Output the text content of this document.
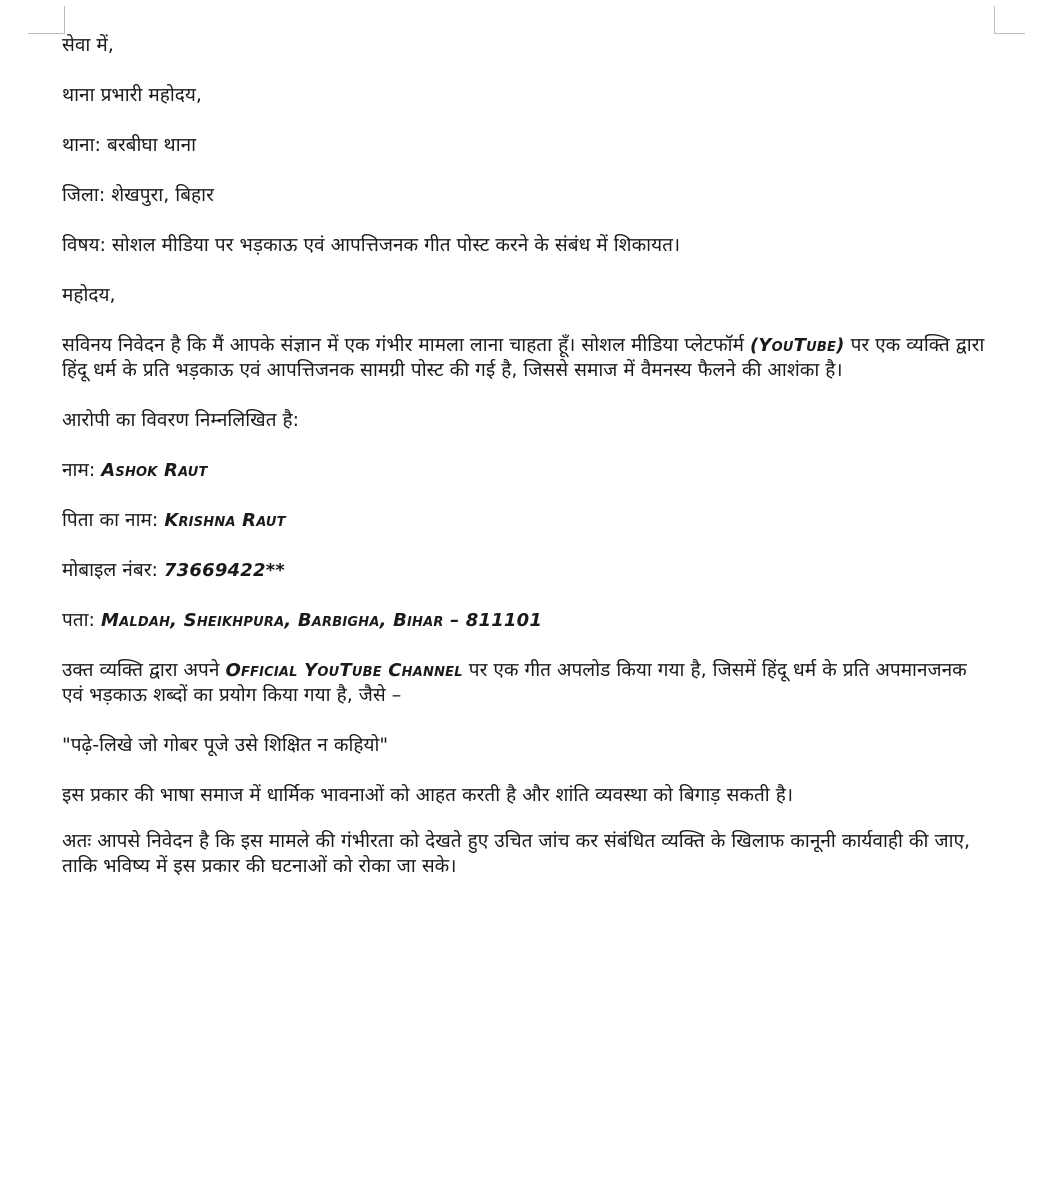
सेवा में,

थाना प्रभारी महोदय,

थाना: बरबीघा थाना

जिला: शेखपुरा, बिहार

विषय: सोशल मीडिया पर भड़काऊ एवं आपत्तिजनक गीत पोस्ट करने के संबंध में शिकायत।

महोदय,

सविनय निवेदन है कि मैं आपके संज्ञान में एक गंभीर मामला लाना चाहता हूँ। सोशल मीडिया प्लेटफॉर्म (YouTube) पर एक व्यक्ति द्वारा हिंदू धर्म के प्रति भड़काऊ एवं आपत्तिजनक सामग्री पोस्ट की गई है, जिससे समाज में वैमनस्य फैलने की आशंका है।

आरोपी का विवरण निम्नलिखित है:

नाम: Ashok Raut

पिता का नाम: Krishna Raut

मोबाइल नंबर: 73669422**

पता: Maldah, Sheikhpura, Barbigha, Bihar – 811101

उक्त व्यक्ति द्वारा अपने Official YouTube Channel पर एक गीत अपलोड किया गया है, जिसमें हिंदू धर्म के प्रति अपमानजनक एवं भड़काऊ शब्दों का प्रयोग किया गया है, जैसे –

"पढ़े-लिखे जो गोबर पूजे उसे शिक्षित न कहियो"

इस प्रकार की भाषा समाज में धार्मिक भावनाओं को आहत करती है और शांति व्यवस्था को बिगाड़ सकती है।

अतः आपसे निवेदन है कि इस मामले की गंभीरता को देखते हुए उचित जांच कर संबंधित व्यक्ति के खिलाफ कानूनी कार्यवाही की जाए, ताकि भविष्य में इस प्रकार की घटनाओं को रोका जा सके।
